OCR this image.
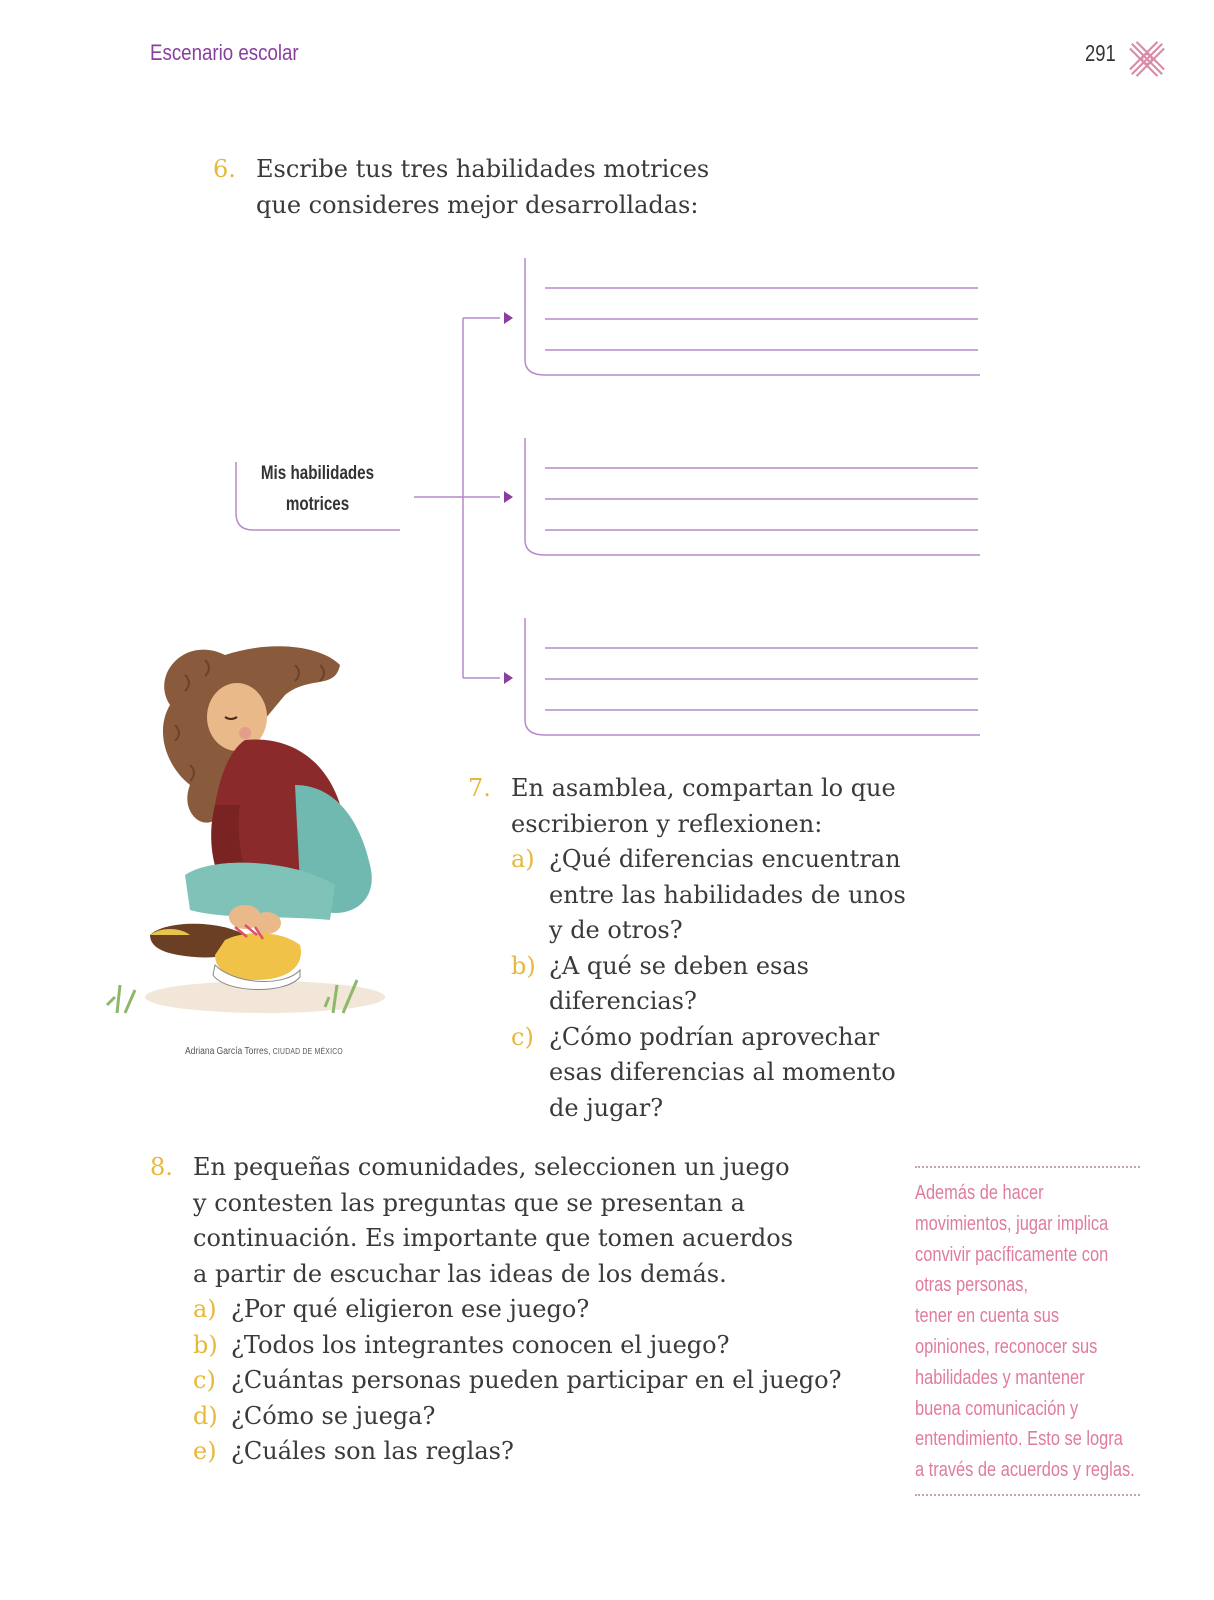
Escenario escolar	291
6. Escribe tus tres habilidades motrices
que consideres mejor desarrolladas:
Mis habilidades
motrices
Adriana García Torres, CIUDAD DE MÉXICO
7. En asamblea, compartan lo que
escribieron y reflexionen:
a) ¿Qué diferencias encuentran
entre las habilidades de unos
y de otros?
b) ¿A qué se deben esas
diferencias?
c) ¿Cómo podrían aprovechar
esas diferencias al momento
de jugar?
8. En pequeñas comunidades, seleccionen un juego
y contesten las preguntas que se presentan a
continuación. Es importante que tomen acuerdos
a partir de escuchar las ideas de los demás.
a) ¿Por qué eligieron ese juego?
b) ¿Todos los integrantes conocen el juego?
c) ¿Cuántas personas pueden participar en el juego?
d) ¿Cómo se juega?
e) ¿Cuáles son las reglas?
Además de hacer
movimientos, jugar implica
convivir pacíficamente con
otras personas,
tener en cuenta sus
opiniones, reconocer sus
habilidades y mantener
buena comunicación y
entendimiento. Esto se logra
a través de acuerdos y reglas.
